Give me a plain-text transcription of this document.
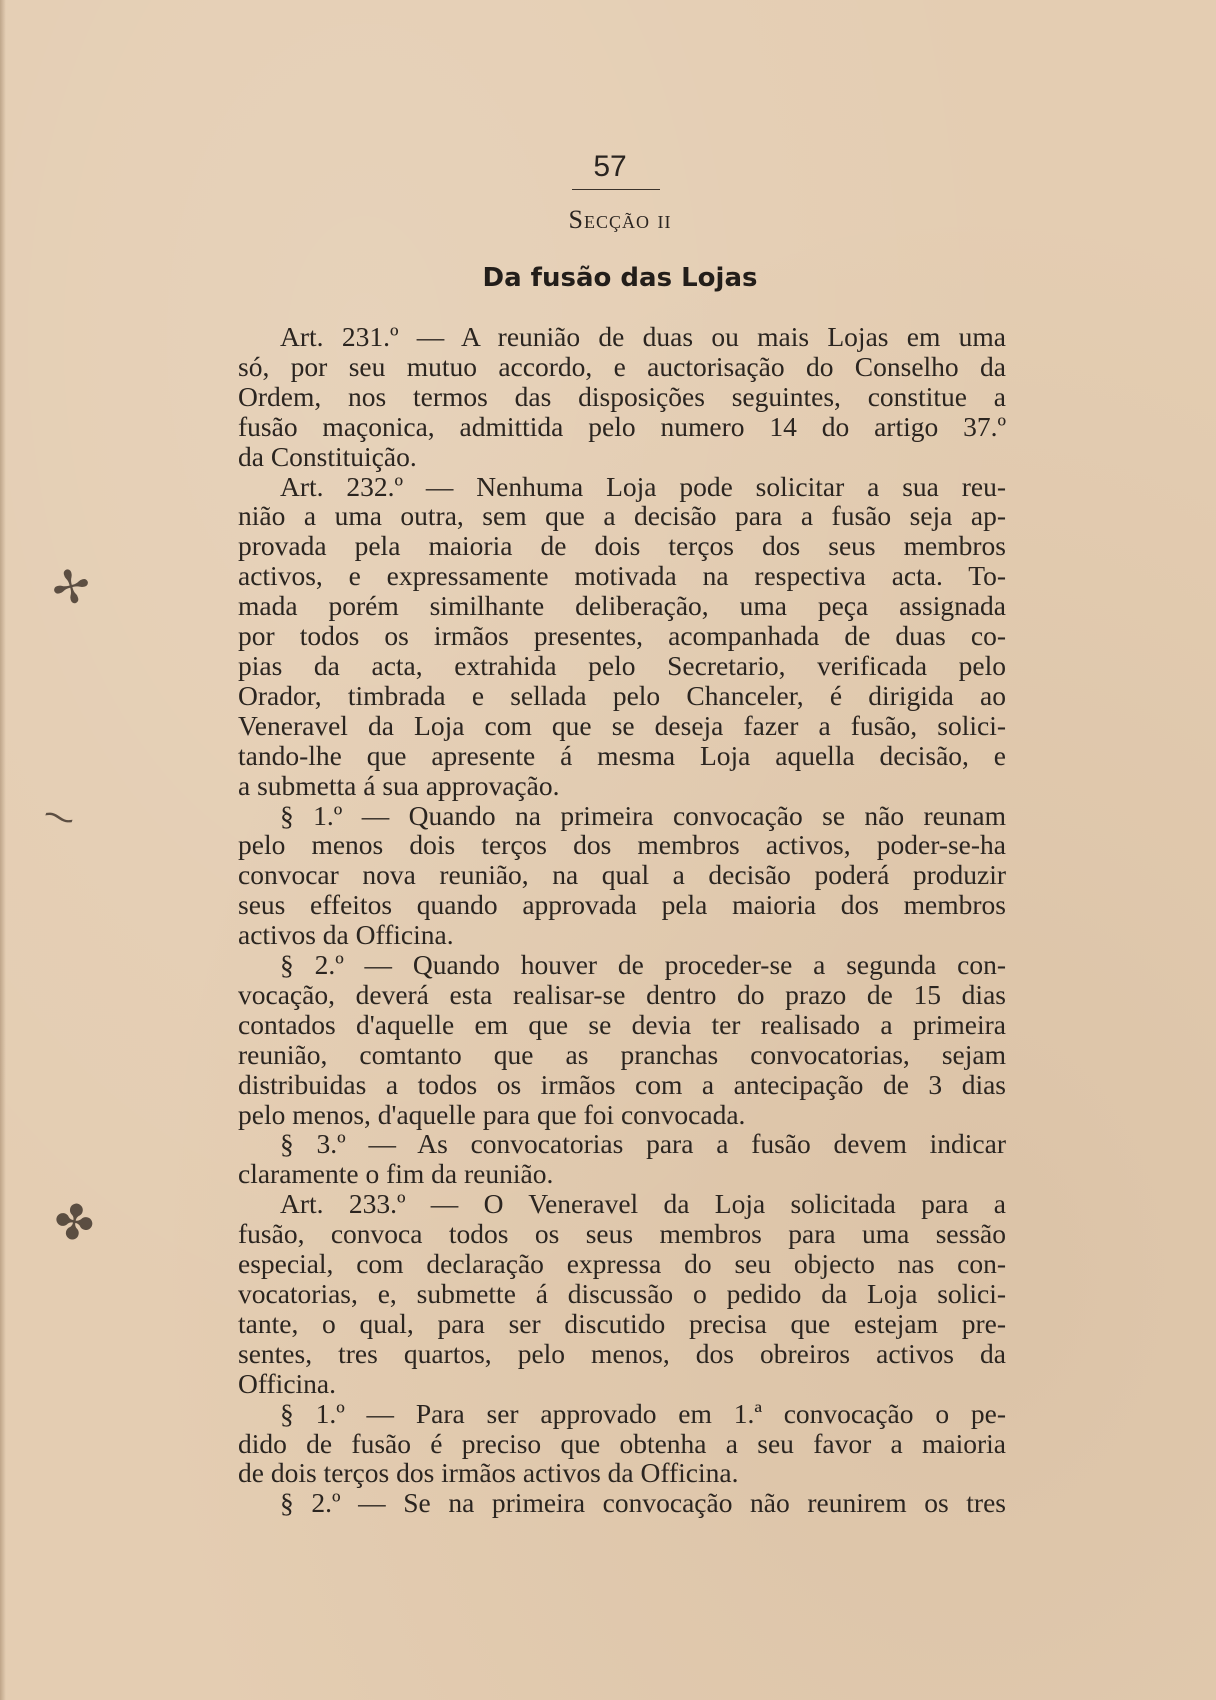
✢
⁓
✤
57
Secção ii
Da fusão das Lojas
Art. 231.º — A reunião de duas ou mais Lojas em uma
só, por seu mutuo accordo, e auctorisação do Conselho da
Ordem, nos termos das disposições seguintes, constitue a
fusão maçonica, admittida pelo numero 14 do artigo 37.º
da Constituição.
Art. 232.º — Nenhuma Loja pode solicitar a sua reu-
nião a uma outra, sem que a decisão para a fusão seja ap-
provada pela maioria de dois terços dos seus membros
activos, e expressamente motivada na respectiva acta. To-
mada porém similhante deliberação, uma peça assignada
por todos os irmãos presentes, acompanhada de duas co-
pias da acta, extrahida pelo Secretario, verificada pelo
Orador, timbrada e sellada pelo Chanceler, é dirigida ao
Veneravel da Loja com que se deseja fazer a fusão, solici-
tando-lhe que apresente á mesma Loja aquella decisão, e
a submetta á sua approvação.
§ 1.º — Quando na primeira convocação se não reunam
pelo menos dois terços dos membros activos, poder-se-ha
convocar nova reunião, na qual a decisão poderá produzir
seus effeitos quando approvada pela maioria dos membros
activos da Officina.
§ 2.º — Quando houver de proceder-se a segunda con-
vocação, deverá esta realisar-se dentro do prazo de 15 dias
contados d'aquelle em que se devia ter realisado a primeira
reunião, comtanto que as pranchas convocatorias, sejam
distribuidas a todos os irmãos com a antecipação de 3 dias
pelo menos, d'aquelle para que foi convocada.
§ 3.º — As convocatorias para a fusão devem indicar
claramente o fim da reunião.
Art. 233.º — O Veneravel da Loja solicitada para a
fusão, convoca todos os seus membros para uma sessão
especial, com declaração expressa do seu objecto nas con-
vocatorias, e, submette á discussão o pedido da Loja solici-
tante, o qual, para ser discutido precisa que estejam pre-
sentes, tres quartos, pelo menos, dos obreiros activos da
Officina.
§ 1.º — Para ser approvado em 1.ª convocação o pe-
dido de fusão é preciso que obtenha a seu favor a maioria
de dois terços dos irmãos activos da Officina.
§ 2.º — Se na primeira convocação não reunirem os tres
